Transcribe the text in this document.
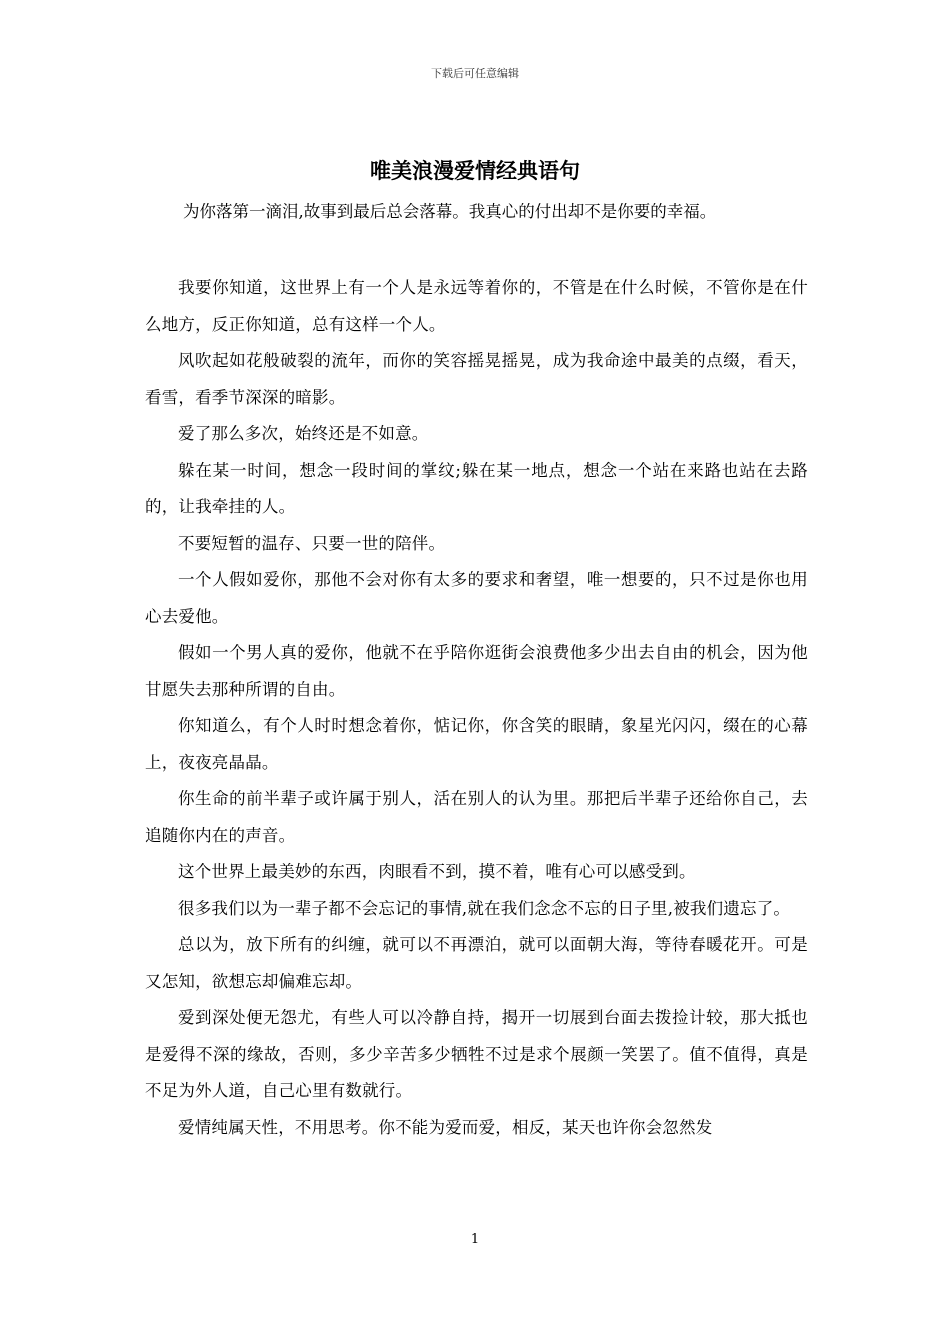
下载后可任意编辑
唯美浪漫爱情经典语句

为你落第一滴泪,故事到最后总会落幕。我真心的付出却不是你要的幸福。

我要你知道，这世界上有一个人是永远等着你的，不管是在什么时候，不管你是在什么地方，反正你知道，总有这样一个人。

风吹起如花般破裂的流年，而你的笑容摇晃摇晃，成为我命途中最美的点缀，看天，看雪，看季节深深的暗影。

爱了那么多次，始终还是不如意。

躲在某一时间，想念一段时间的掌纹;躲在某一地点，想念一个站在来路也站在去路的，让我牵挂的人。

不要短暂的温存、只要一世的陪伴。

一个人假如爱你，那他不会对你有太多的要求和奢望，唯一想要的，只不过是你也用心去爱他。

假如一个男人真的爱你，他就不在乎陪你逛街会浪费他多少出去自由的机会，因为他甘愿失去那种所谓的自由。

你知道么，有个人时时想念着你，惦记你，你含笑的眼睛，象星光闪闪，缀在的心幕上，夜夜亮晶晶。

你生命的前半辈子或许属于别人，活在别人的认为里。那把后半辈子还给你自己，去追随你内在的声音。

这个世界上最美妙的东西，肉眼看不到，摸不着，唯有心可以感受到。

很多我们以为一辈子都不会忘记的事情,就在我们念念不忘的日子里,被我们遗忘了。

总以为，放下所有的纠缠，就可以不再漂泊，就可以面朝大海，等待春暖花开。可是又怎知，欲想忘却偏难忘却。

爱到深处便无怨尤，有些人可以冷静自持，揭开一切展到台面去拨捡计较，那大抵也是爱得不深的缘故，否则，多少辛苦多少牺牲不过是求个展颜一笑罢了。值不值得，真是不足为外人道，自己心里有数就行。

爱情纯属天性，不用思考。你不能为爱而爱，相反，某天也许你会忽然发

1
